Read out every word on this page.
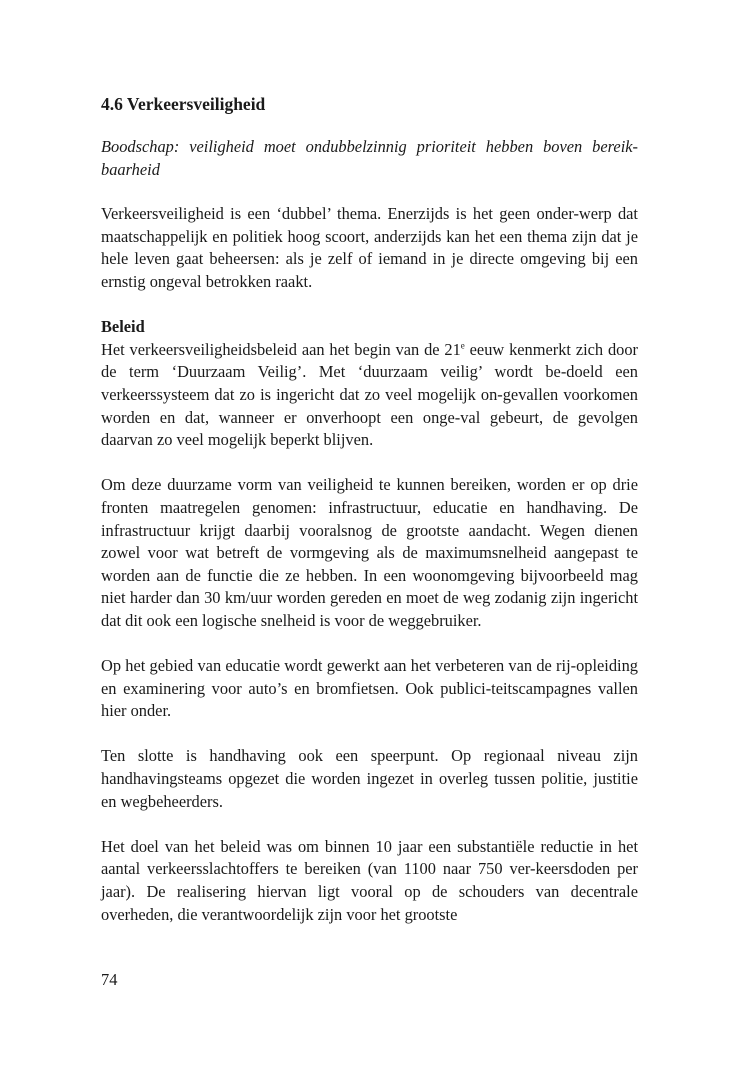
4.6 Verkeersveiligheid

Boodschap: veiligheid moet ondubbelzinnig prioriteit hebben boven bereik-baarheid

Verkeersveiligheid is een ‘dubbel’ thema. Enerzijds is het geen onder-werp dat maatschappelijk en politiek hoog scoort, anderzijds kan het een thema zijn dat je hele leven gaat beheersen: als je zelf of iemand in je directe omgeving bij een ernstig ongeval betrokken raakt.

Beleid

Het verkeersveiligheidsbeleid aan het begin van de 21e eeuw kenmerkt zich door de term ‘Duurzaam Veilig’. Met ‘duurzaam veilig’ wordt be-doeld een verkeerssysteem dat zo is ingericht dat zo veel mogelijk on-gevallen voorkomen worden en dat, wanneer er onverhoopt een onge-val gebeurt, de gevolgen daarvan zo veel mogelijk beperkt blijven.

Om deze duurzame vorm van veiligheid te kunnen bereiken, worden er op drie fronten maatregelen genomen: infrastructuur, educatie en handhaving. De infrastructuur krijgt daarbij vooralsnog de grootste aandacht. Wegen dienen zowel voor wat betreft de vormgeving als de maximumsnelheid aangepast te worden aan de functie die ze hebben. In een woonomgeving bijvoorbeeld mag niet harder dan 30 km/uur worden gereden en moet de weg zodanig zijn ingericht dat dit ook een logische snelheid is voor de weggebruiker.

Op het gebied van educatie wordt gewerkt aan het verbeteren van de rij-opleiding en examinering voor auto’s en bromfietsen. Ook publici-teitscampagnes vallen hier onder.

Ten slotte is handhaving ook een speerpunt. Op regionaal niveau zijn handhavingsteams opgezet die worden ingezet in overleg tussen politie, justitie en wegbeheerders.

Het doel van het beleid was om binnen 10 jaar een substantiële reductie in het aantal verkeersslachtoffers te bereiken (van 1100 naar 750 ver-keersdoden per jaar). De realisering hiervan ligt vooral op de schouders van decentrale overheden, die verantwoordelijk zijn voor het grootste

74
